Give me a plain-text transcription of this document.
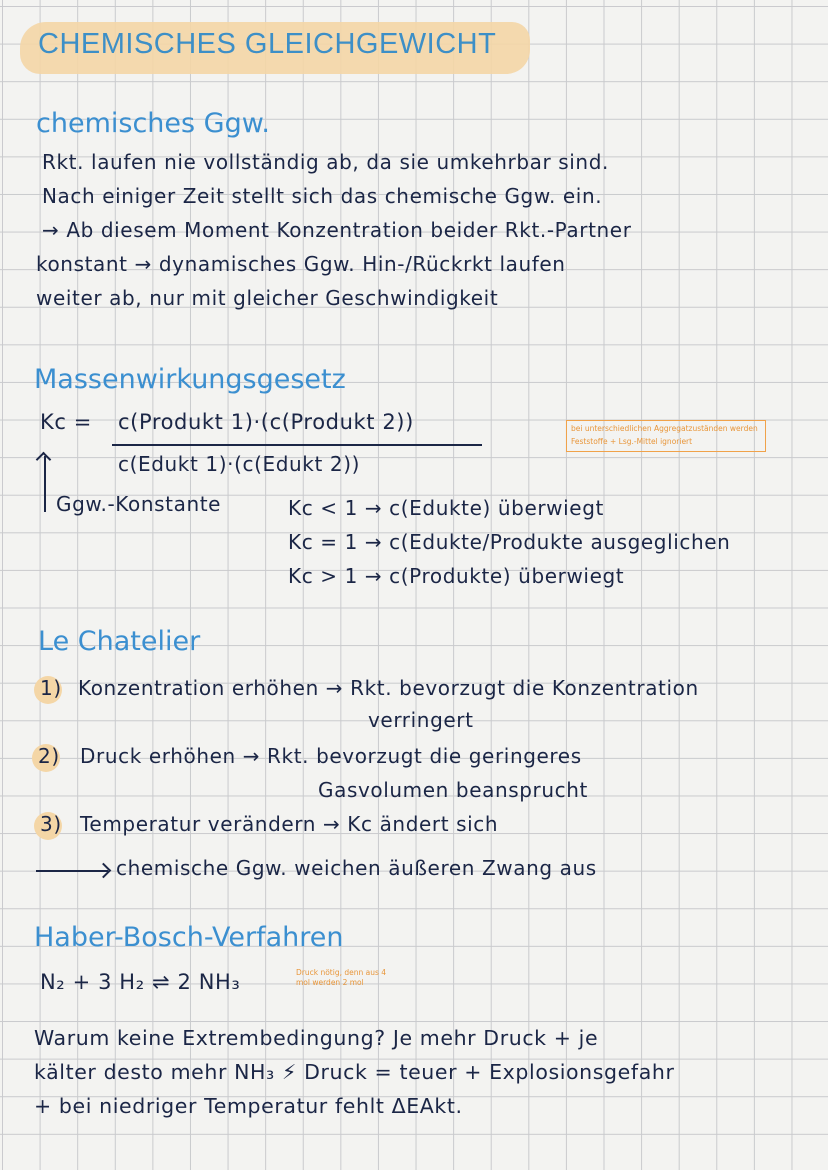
CHEMISCHES GLEICHGEWICHT
chemisches Ggw.
Rkt. laufen nie vollständig ab, da sie umkehrbar sind.
Nach einiger Zeit stellt sich das chemische Ggw. ein.
→ Ab diesem Moment Konzentration beider Rkt.-Partner
konstant → dynamisches Ggw. Hin-/Rückrkt laufen
weiter ab, nur mit gleicher Geschwindigkeit
Massenwirkungsgesetz
Kc = c(Produkt 1)·(c(Produkt 2))
c(Edukt 1)·(c(Edukt 2))
Ggw.-Konstante	Kc < 1 → c(Edukte) überwiegt
Kc = 1 → c(Edukte/Produkte ausgeglichen
Kc > 1 → c(Produkte) überwiegt
bei unterschiedlichen Aggregatzuständen werden Feststoffe + Lsg.-Mittel ignoriert
Le Chatelier
1) Konzentration erhöhen → Rkt. bevorzugt die Konzentration
verringert
2) Druck erhöhen → Rkt. bevorzugt die geringeres
Gasvolumen beansprucht
3) Temperatur verändern → Kc ändert sich
chemische Ggw. weichen äußeren Zwang aus
Haber-Bosch-Verfahren
N₂ + 3 H₂ ⇌ 2 NH₃	Druck nötig, denn aus 4 mol werden 2 mol
Warum keine Extrembedingung? Je mehr Druck + je
kälter desto mehr NH₃ ⚡ Druck = teuer + Explosionsgefahr
+ bei niedriger Temperatur fehlt ΔEAkt.
